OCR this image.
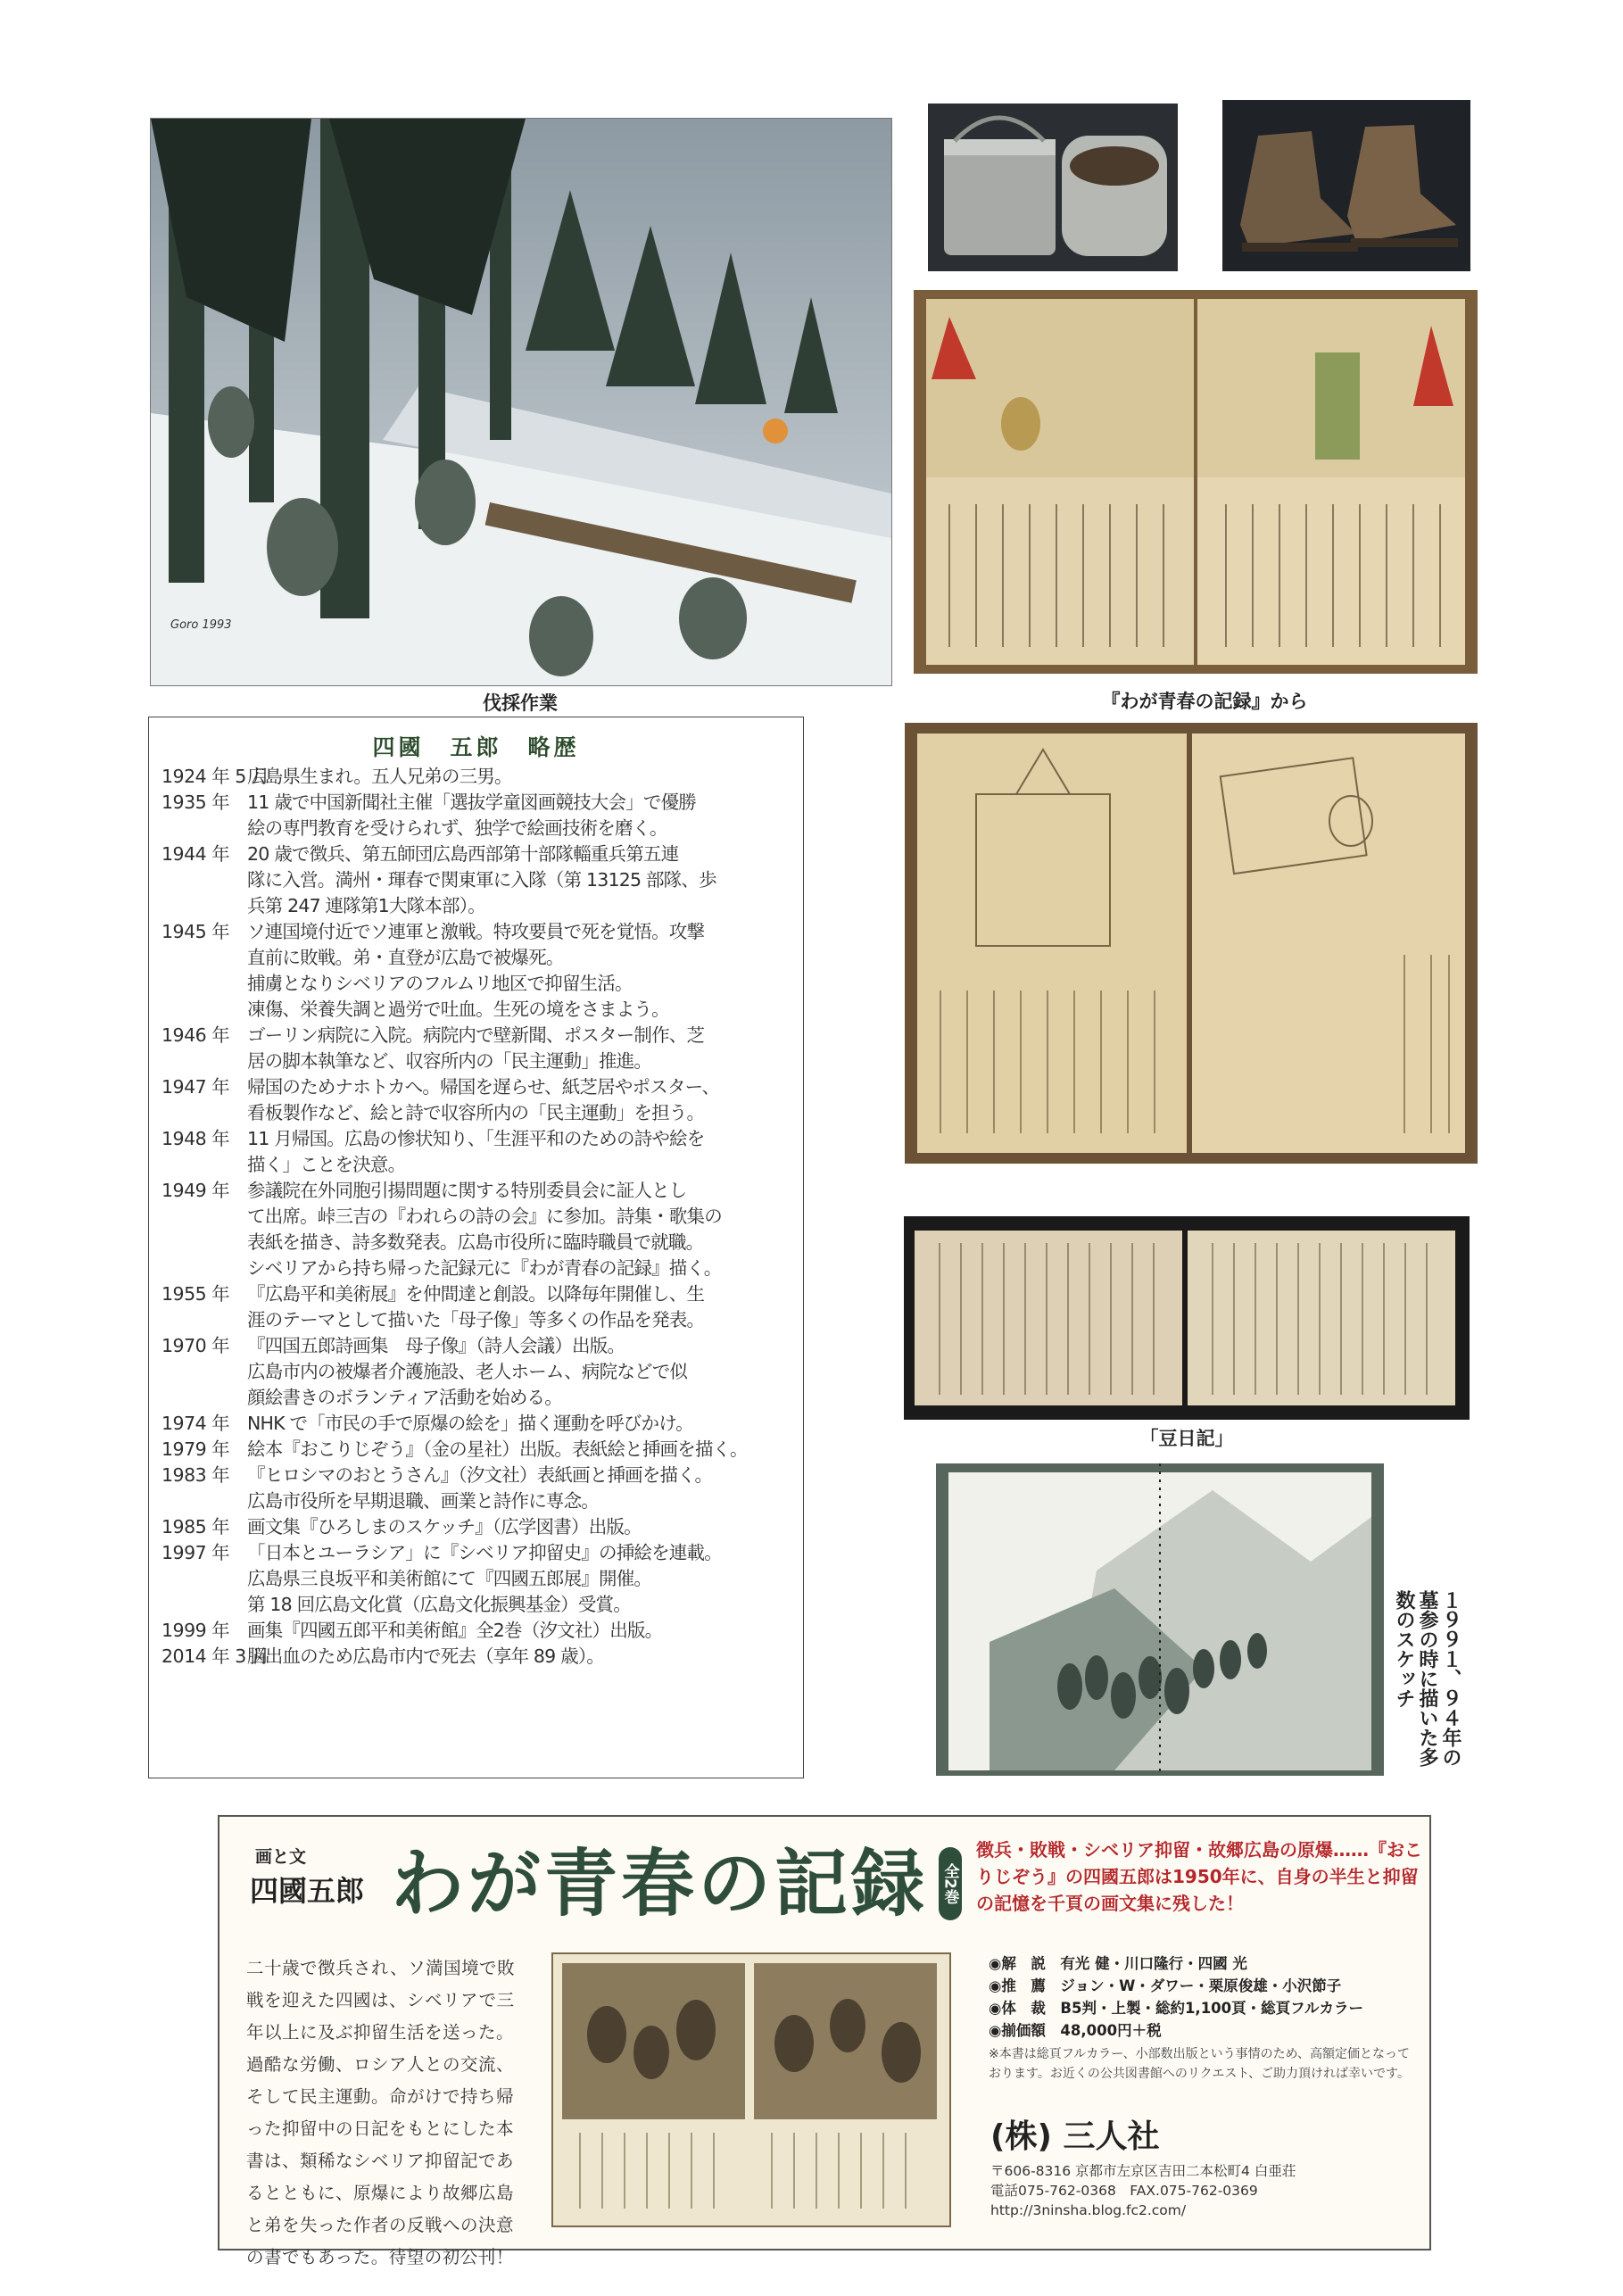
Goro 1993
伐採作業	『わが青春の記録』から
「豆日記」
１９９１、９４年の墓参の時に描いた多数のスケッチ
四國　五郎　略歴
1924 年 5 月
広島県生まれ。五人兄弟の三男。
1935 年 11 歳で中国新聞社主催「選抜学童図画競技大会」で優勝
絵の専門教育を受けられず、独学で絵画技術を磨く。
1944 年 20 歳で徴兵、第五師団広島西部第十部隊輜重兵第五連
隊に入営。満州・琿春で関東軍に入隊（第 13125 部隊、歩
兵第 247 連隊第1大隊本部）。
1945 年 ソ連国境付近でソ連軍と激戦。特攻要員で死を覚悟。攻撃
直前に敗戦。弟・直登が広島で被爆死。
捕虜となりシベリアのフルムリ地区で抑留生活。
凍傷、栄養失調と過労で吐血。生死の境をさまよう。
1946 年 ゴーリン病院に入院。病院内で壁新聞、ポスター制作、芝
居の脚本執筆など、収容所内の「民主運動」推進。
1947 年 帰国のためナホトカへ。帰国を遅らせ、紙芝居やポスター、
看板製作など、絵と詩で収容所内の「民主運動」を担う。
1948 年 11 月帰国。広島の惨状知り、「生涯平和のための詩や絵を
描く」ことを決意。
1949 年 参議院在外同胞引揚問題に関する特別委員会に証人とし
て出席。峠三吉の『われらの詩の会』に参加。詩集・歌集の
表紙を描き、詩多数発表。広島市役所に臨時職員で就職。
シベリアから持ち帰った記録元に『わが青春の記録』描く。
1955 年 『広島平和美術展』を仲間達と創設。以降毎年開催し、生
涯のテーマとして描いた「母子像」等多くの作品を発表。
1970 年 『四国五郎詩画集　母子像』（詩人会議）出版。
広島市内の被爆者介護施設、老人ホーム、病院などで似
顔絵書きのボランティア活動を始める。
1974 年 NHK で「市民の手で原爆の絵を」描く運動を呼びかけ。
1979 年 絵本『おこりじぞう』（金の星社）出版。表紙絵と挿画を描く。
1983 年 『ヒロシマのおとうさん』（汐文社）表紙画と挿画を描く。
広島市役所を早期退職、画業と詩作に専念。
1985 年 画文集『ひろしまのスケッチ』（広学図書）出版。
1997 年 「日本とユーラシア」に『シベリア抑留史』の挿絵を連載。
広島県三良坂平和美術館にて『四國五郎展』開催。
第 18 回広島文化賞（広島文化振興基金）受賞。
1999 年 画集『四國五郎平和美術館』全2巻（汐文社）出版。
2014 年 3 月
脳出血のため広島市内で死去（享年 89 歳）。
画と文
四國五郎 わが青春の記録 全2巻
徴兵・敗戦・シベリア抑留・故郷広島の原爆……『おこりじぞう』の四國五郎は1950年に、自身の半生と抑留の記憶を千頁の画文集に残した！
二十歳で徴兵され、ソ満国境で敗戦を迎えた四國は、シベリアで三年以上に及ぶ抑留生活を送った。過酷な労働、ロシア人との交流、そして民主運動。命がけで持ち帰った抑留中の日記をもとにした本書は、類稀なシベリア抑留記であるとともに、原爆により故郷広島と弟を失った作者の反戦への決意の書でもあった。待望の初公刊！
◉解　説　有光 健・川口隆行・四國 光
◉推　薦　ジョン・W・ダワー・栗原俊雄・小沢節子
◉体　裁　B5判・上製・総約1,100頁・総頁フルカラー
◉揃価額　48,000円＋税
※本書は総頁フルカラー、小部数出版という事情のため、高額定価となっております。お近くの公共図書館へのリクエスト、ご助力頂ければ幸いです。
(株) 三人社
〒606-8316 京都市左京区吉田二本松町4 白亜荘
電話075-762-0368　FAX.075-762-0369
http://3ninsha.blog.fc2.com/
